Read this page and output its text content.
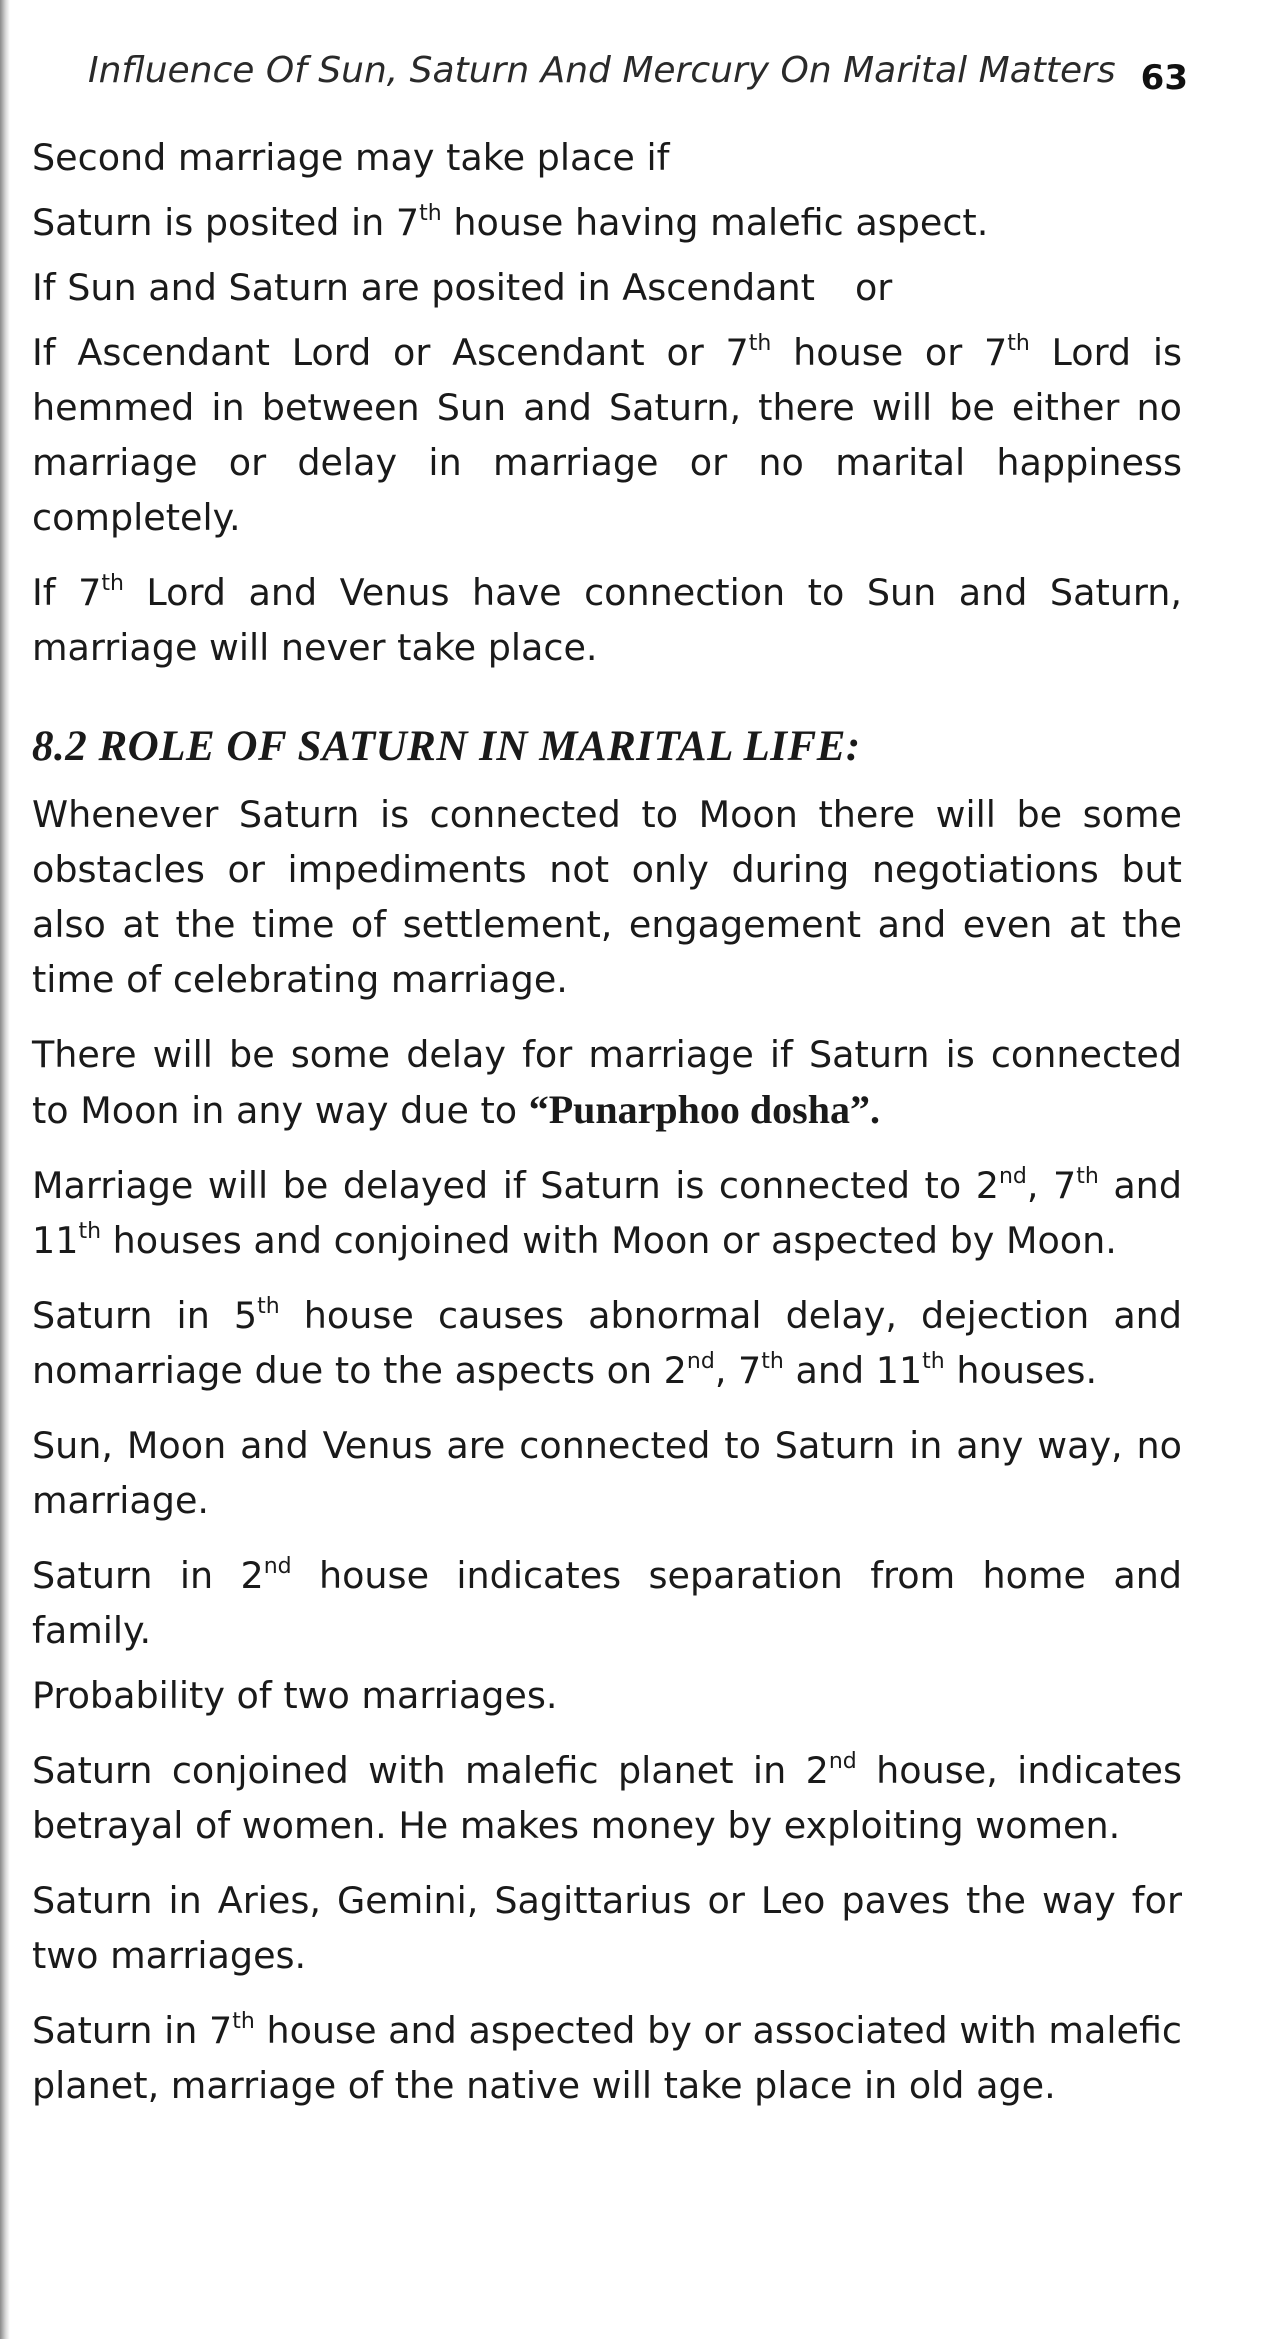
Influence Of Sun, Saturn And Mercury On Marital Matters 63

Second marriage may take place if

Saturn is posited in 7th house having malefic aspect.

If Sun and Saturn are posited in Ascendant or

If Ascendant Lord or Ascendant or 7th house or 7th Lord is hemmed in between Sun and Saturn, there will be either no marriage or delay in marriage or no marital happiness completely.

If 7th Lord and Venus have connection to Sun and Saturn, marriage will never take place.

8.2 ROLE OF SATURN IN MARITAL LIFE:

Whenever Saturn is connected to Moon there will be some obstacles or impediments not only during negotiations but also at the time of settlement, engagement and even at the time of celebrating marriage.

There will be some delay for marriage if Saturn is connected to Moon in any way due to “Punarphoo dosha”.

Marriage will be delayed if Saturn is connected to 2nd, 7th and 11th houses and conjoined with Moon or aspected by Moon.

Saturn in 5th house causes abnormal delay, dejection and nomarriage due to the aspects on 2nd, 7th and 11th houses.

Sun, Moon and Venus are connected to Saturn in any way, no marriage.

Saturn in 2nd house indicates separation from home and family.

Probability of two marriages.

Saturn conjoined with malefic planet in 2nd house, indicates betrayal of women. He makes money by exploiting women.

Saturn in Aries, Gemini, Sagittarius or Leo paves the way for two marriages.

Saturn in 7th house and aspected by or associated with malefic planet, marriage of the native will take place in old age.
